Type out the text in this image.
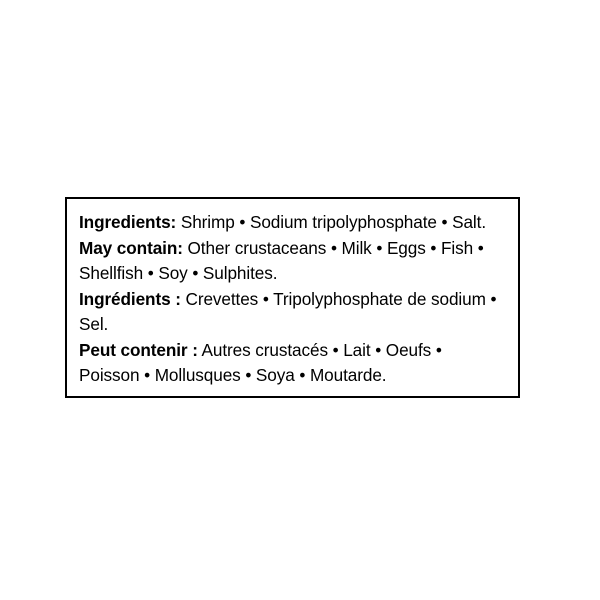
Ingredients: Shrimp • Sodium tripolyphosphate • Salt.

May contain: Other crustaceans • Milk • Eggs • Fish • Shellfish • Soy • Sulphites.

Ingrédients : Crevettes • Tripolyphosphate de sodium • Sel.

Peut contenir : Autres crustacés • Lait • Oeufs • Poisson • Mollusques • Soya • Moutarde.
